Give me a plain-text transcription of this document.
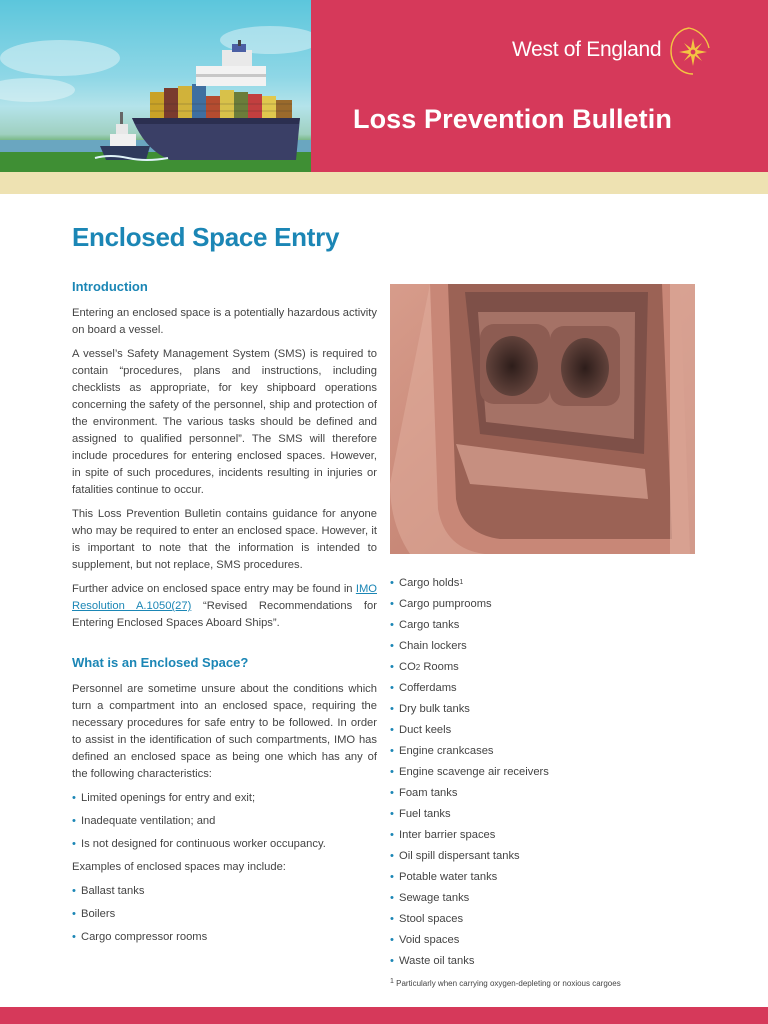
West of England
Loss Prevention Bulletin
Enclosed Space Entry
Introduction

Entering an enclosed space is a potentially hazardous activity on board a vessel.

A vessel’s Safety Management System (SMS) is required to contain “procedures, plans and instructions, including checklists as appropriate, for key shipboard operations concerning the safety of the personnel, ship and protection of the environment. The various tasks should be defined and assigned to qualified personnel”. The SMS will therefore include procedures for entering enclosed spaces. However, in spite of such procedures, incidents resulting in injuries or fatalities continue to occur.

This Loss Prevention Bulletin contains guidance for anyone who may be required to enter an enclosed space. However, it is important to note that the information is intended to supplement, but not replace, SMS procedures.

Further advice on enclosed space entry may be found in IMO Resolution A.1050(27) “Revised Recommendations for Entering Enclosed Spaces Aboard Ships”.

What is an Enclosed Space?

Personnel are sometime unsure about the conditions which turn a compartment into an enclosed space, requiring the necessary procedures for safe entry to be followed. In order to assist in the identification of such compartments, IMO has defined an enclosed space as being one which has any of the following characteristics:

• Limited openings for entry and exit;
• Inadequate ventilation; and
• Is not designed for continuous worker occupancy.

Examples of enclosed spaces may include:

• Ballast tanks
• Boilers
• Cargo compressor rooms
• Cargo holds$^1$
• Cargo pumprooms
• Cargo tanks
• Chain lockers
• CO2 Rooms
• Cofferdams
• Dry bulk tanks
• Duct keels
• Engine crankcases
• Engine scavenge air receivers
• Foam tanks
• Fuel tanks
• Inter barrier spaces
• Oil spill dispersant tanks
• Potable water tanks
• Sewage tanks
• Stool spaces
• Void spaces
• Waste oil tanks
$^1$ Particularly when carrying oxygen-depleting or noxious cargoes
